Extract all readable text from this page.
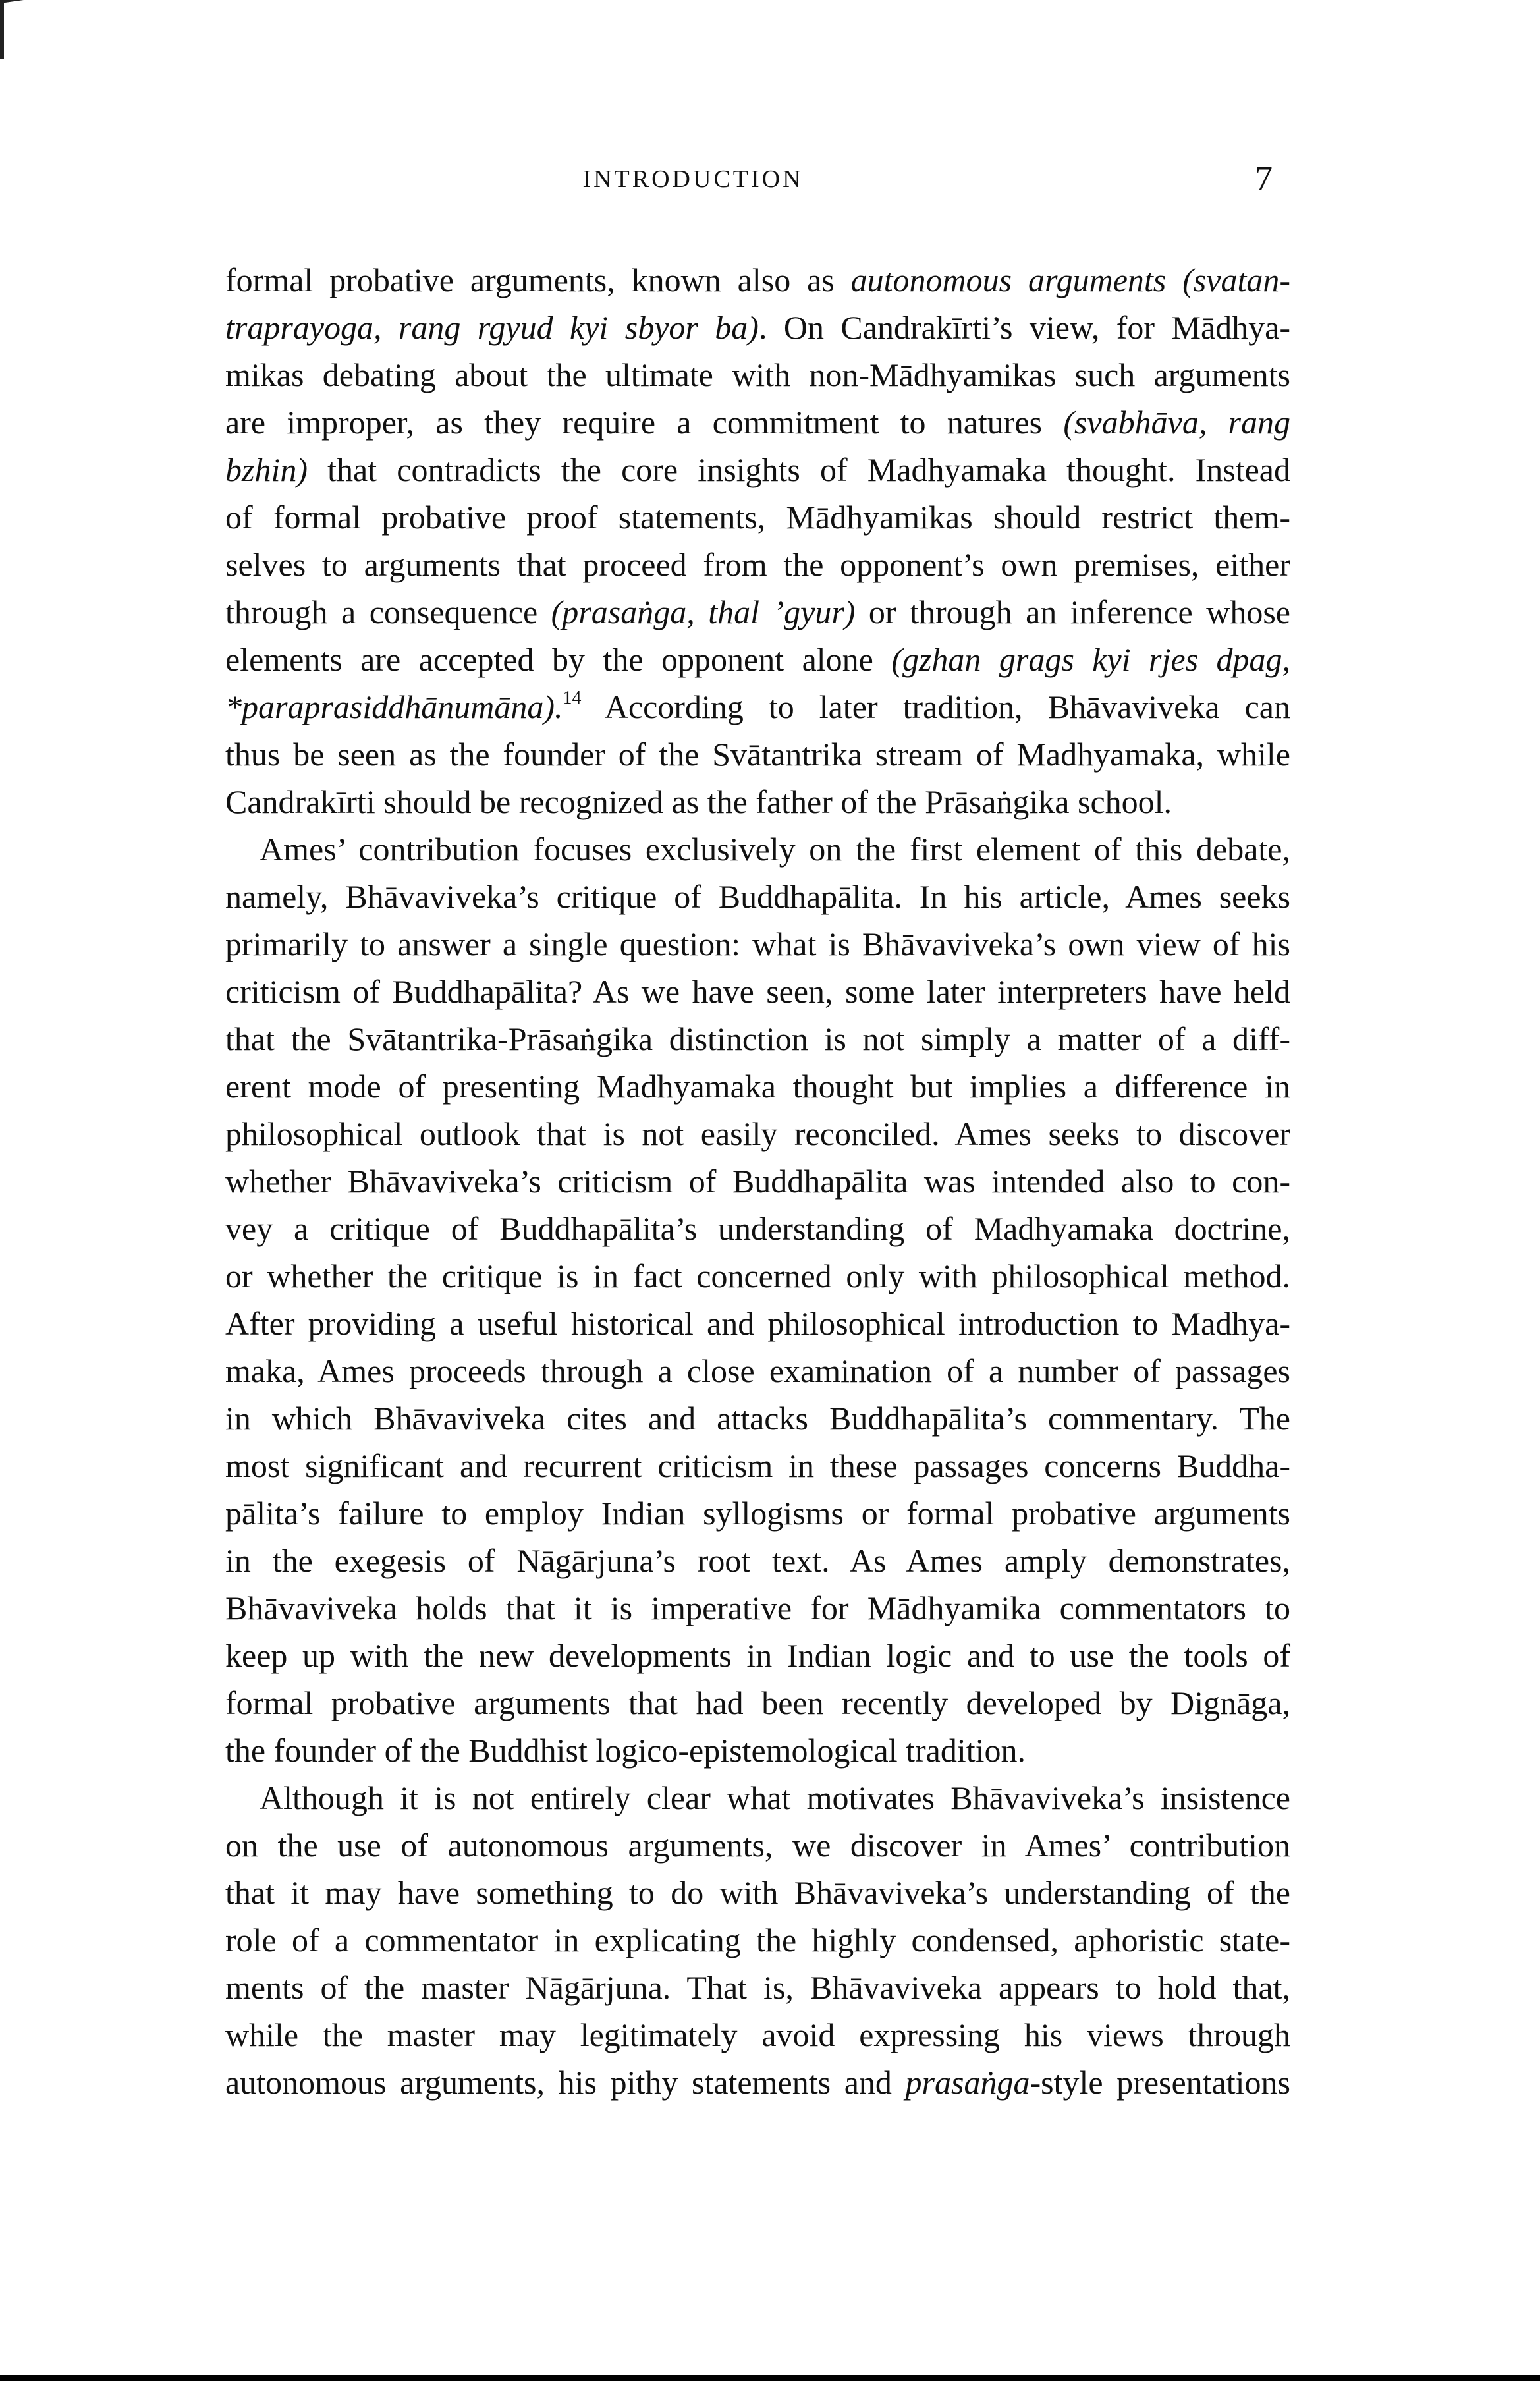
INTRODUCTION	7
formal probative arguments, known also as autonomous arguments (svatan-
traprayoga, rang rgyud kyi sbyor ba). On Candrakīrti’s view, for Mādhya-
mikas debating about the ultimate with non-Mādhyamikas such arguments
are improper, as they require a commitment to natures (svabhāva, rang
bzhin) that contradicts the core insights of Madhyamaka thought. Instead
of formal probative proof statements, Mādhyamikas should restrict them-
selves to arguments that proceed from the opponent’s own premises, either
through a consequence (prasaṅga, thal ’gyur) or through an inference whose
elements are accepted by the opponent alone (gzhan grags kyi rjes dpag,
*paraprasiddhānumāna).$^{14}$ According to later tradition, Bhāvaviveka can
thus be seen as the founder of the Svātantrika stream of Madhyamaka, while
Candrakīrti should be recognized as the father of the Prāsaṅgika school.
Ames’ contribution focuses exclusively on the first element of this debate,
namely, Bhāvaviveka’s critique of Buddhapālita. In his article, Ames seeks
primarily to answer a single question: what is Bhāvaviveka’s own view of his
criticism of Buddhapālita? As we have seen, some later interpreters have held
that the Svātantrika-Prāsaṅgika distinction is not simply a matter of a diff-
erent mode of presenting Madhyamaka thought but implies a difference in
philosophical outlook that is not easily reconciled. Ames seeks to discover
whether Bhāvaviveka’s criticism of Buddhapālita was intended also to con-
vey a critique of Buddhapālita’s understanding of Madhyamaka doctrine,
or whether the critique is in fact concerned only with philosophical method.
After providing a useful historical and philosophical introduction to Madhya-
maka, Ames proceeds through a close examination of a number of passages
in which Bhāvaviveka cites and attacks Buddhapālita’s commentary. The
most significant and recurrent criticism in these passages concerns Buddha-
pālita’s failure to employ Indian syllogisms or formal probative arguments
in the exegesis of Nāgārjuna’s root text. As Ames amply demonstrates,
Bhāvaviveka holds that it is imperative for Mādhyamika commentators to
keep up with the new developments in Indian logic and to use the tools of
formal probative arguments that had been recently developed by Dignāga,
the founder of the Buddhist logico-epistemological tradition.
Although it is not entirely clear what motivates Bhāvaviveka’s insistence
on the use of autonomous arguments, we discover in Ames’ contribution
that it may have something to do with Bhāvaviveka’s understanding of the
role of a commentator in explicating the highly condensed, aphoristic state-
ments of the master Nāgārjuna. That is, Bhāvaviveka appears to hold that,
while the master may legitimately avoid expressing his views through
autonomous arguments, his pithy statements and prasaṅga-style presentations
